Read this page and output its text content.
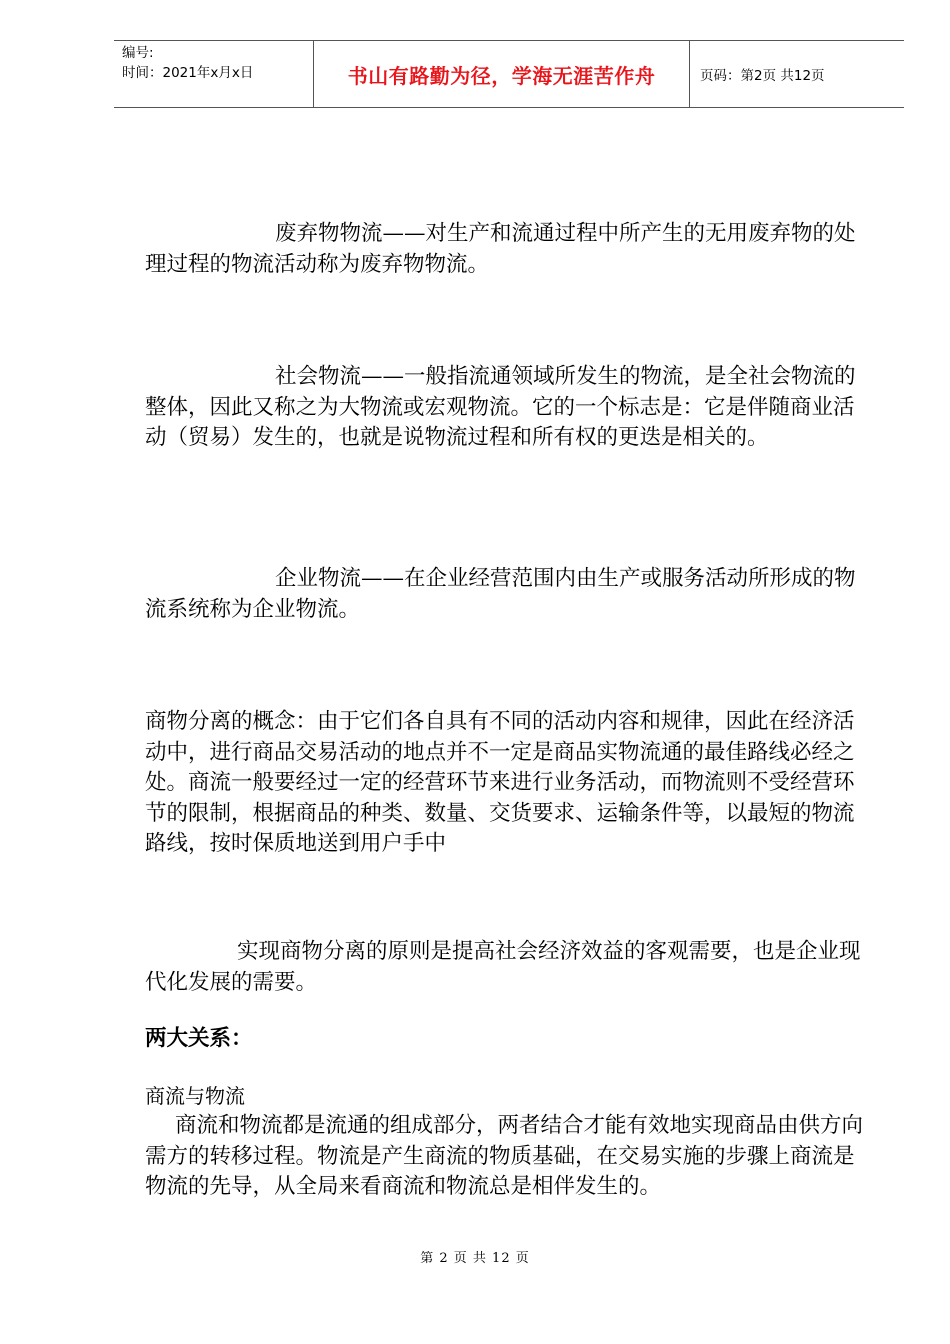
编号:
时间：2021年x月x日	书山有路勤为径，学海无涯苦作舟	页码：第2页 共12页

废弃物物流——对生产和流通过程中所产生的无用废弃物的处理过程的物流活动称为废弃物物流。

社会物流——一般指流通领域所发生的物流，是全社会物流的整体，因此又称之为大物流或宏观物流。它的一个标志是：它是伴随商业活动（贸易）发生的，也就是说物流过程和所有权的更迭是相关的。

企业物流——在企业经营范围内由生产或服务活动所形成的物流系统称为企业物流。

商物分离的概念：由于它们各自具有不同的活动内容和规律，因此在经济活动中，进行商品交易活动的地点并不一定是商品实物流通的最佳路线必经之处。商流一般要经过一定的经营环节来进行业务活动，而物流则不受经营环节的限制，根据商品的种类、数量、交货要求、运输条件等，以最短的物流路线，按时保质地送到用户手中

实现商物分离的原则是提高社会经济效益的客观需要，也是企业现代化发展的需要。

两大关系：

商流与物流

商流和物流都是流通的组成部分，两者结合才能有效地实现商品由供方向需方的转移过程。物流是产生商流的物质基础，在交易实施的步骤上商流是物流的先导，从全局来看商流和物流总是相伴发生的。

第 2 页 共 12 页
